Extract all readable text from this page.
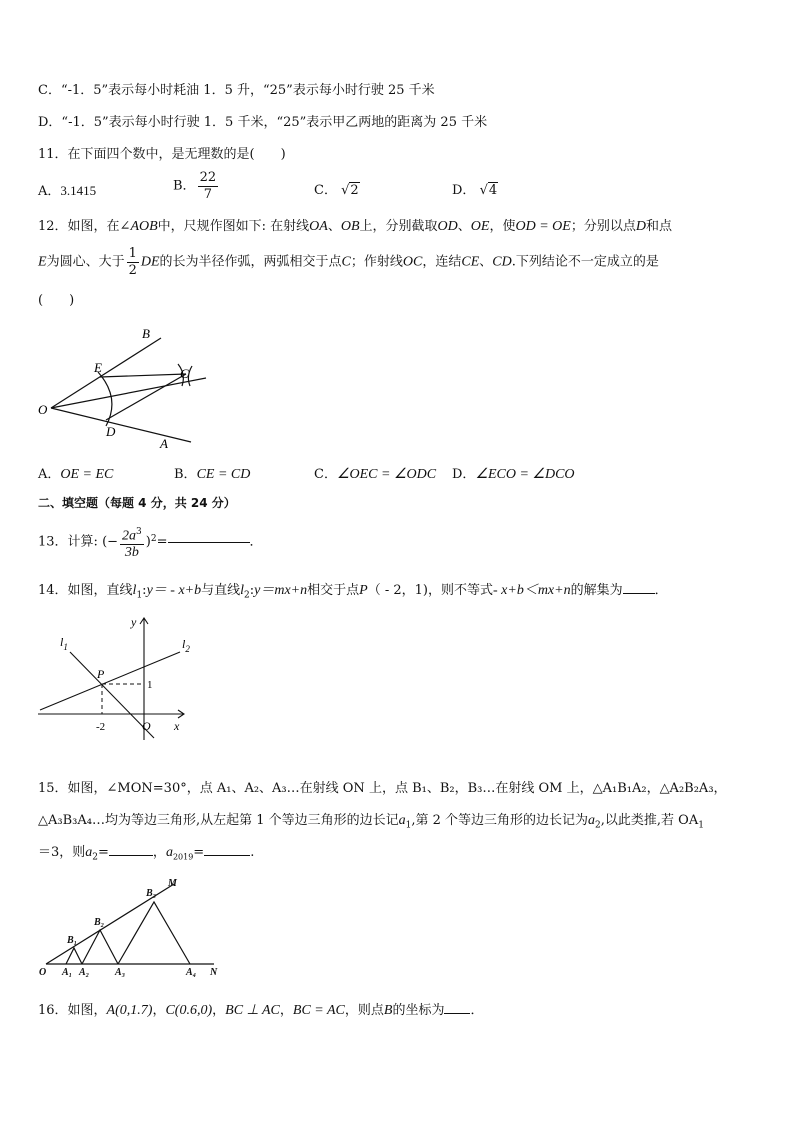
C．“-1．5”表示每小时耗油 1．5 升，“25”表示每小时行驶 25 千米
D．“-1．5”表示每小时行驶 1．5 千米，“25”表示甲乙两地的距离为 25 千米
11．在下面四个数中，是无理数的是(　　)
A．3.1415	B． $\frac{22}{7}$	C． √2	D． √4
12．如图，在∠AOB中，尺规作图如下: 在射线OA、OB上，分别截取OD、OE，使OD = OE；分别以点D和点
E为圆心、大于 $\frac{1}{2}$ DE的长为半径作弧，两弧相交于点C；作射线OC，连结CE、CD.下列结论不一定成立的是
(　　)
B
E	C
O
D
A
A．OE = EC	B．CE = CD	C．∠OEC = ∠ODC D．∠ECO = ∠DCO
二、填空题（每题 4 分，共 24 分）
13．计算: (− $\frac{2a^3}{3b} )^2=$	．
14．如图，直线$l_1:y= - x+b$与直线$l_2:y=mx+n$相交于点P（ - 2，1)，则不等式- x+b＜mx+n的解集为 ．
y
x
$l_1$	$l_2$
P
1
-2	O
15．如图，∠MON=30°，点 A₁、A₂、A₃…在射线 ON 上，点 B₁、B₂，B₃…在射线 OM 上，△A₁B₁A₂，△A₂B₂A₃，
△A₃B₃A₄…均为等边三角形,从左起第 1 个等边三角形的边长记$a_1$,第 2 个等边三角形的边长记为$a_2$,以此类推,若 $OA_1$
＝3，则$a_2=$	，$a_{2019}=$	.
O A₁ A₂	A₃	A₄ N
B₁
B₂
B₃
M
16．如图，A(0,1.7)，C(0.6,0)，BC ⊥ AC，BC = AC，则点B的坐标为 ．
